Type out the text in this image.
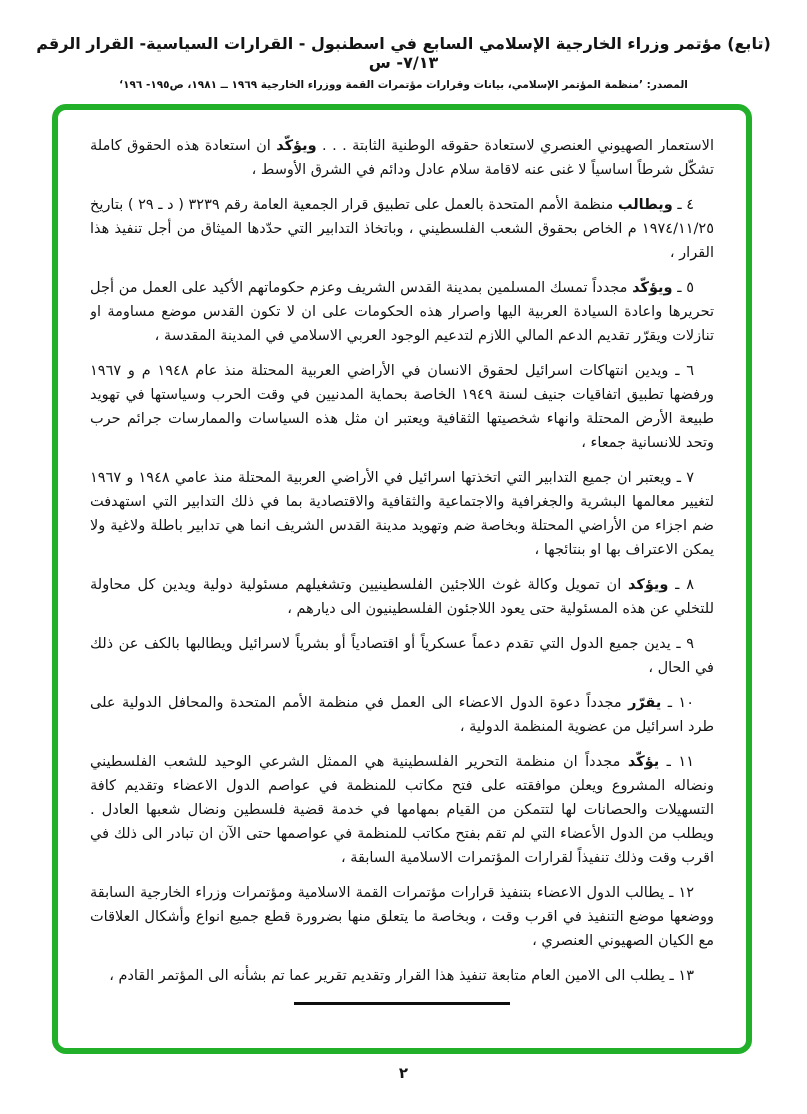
(تابع) مؤتمر وزراء الخارجية الإسلامي السابع في اسطنبول - القرارات السياسية- القرار الرقم ٧/١٣- س
المصدر: ’منظمة المؤتمر الإسلامي، بيانات وقرارات مؤتمرات القمة ووزراء الخارجية ١٩٦٩ ــ ١٩٨١، ص١٩٥- ١٩٦‘

الاستعمار الصهيوني العنصري لاستعادة حقوقه الوطنية الثابتة . . . ويؤكّد ان استعادة هذه الحقوق كاملة تشكّل شرطاً اساسياً لا غنى عنه لاقامة سلام عادل ودائم في الشرق الأوسط ،

٤ ـ ويطالب منظمة الأمم المتحدة بالعمل على تطبيق قرار الجمعية العامة رقم ٣٢٣٩ ( د ـ ٢٩ ) بتاريخ ١٩٧٤/١١/٢٥ م الخاص بحقوق الشعب الفلسطيني ، وباتخاذ التدابير التي حدّدها الميثاق من أجل تنفيذ هذا القرار ،

٥ ـ ويؤكّد مجدداً تمسك المسلمين بمدينة القدس الشريف وعزم حكوماتهم الأكيد على العمل من أجل تحريرها واعادة السيادة العربية اليها واصرار هذه الحكومات على ان لا تكون القدس موضع مساومة او تنازلات ويقرّر تقديم الدعم المالي اللازم لتدعيم الوجود العربي الاسلامي في المدينة المقدسة ،

٦ ـ ويدين انتهاكات اسرائيل لحقوق الانسان في الأراضي العربية المحتلة منذ عام ١٩٤٨ م و ١٩٦٧ ورفضها تطبيق اتفاقيات جنيف لسنة ١٩٤٩ الخاصة بحماية المدنيين في وقت الحرب وسياستها في تهويد طبيعة الأرض المحتلة وانهاء شخصيتها الثقافية ويعتبر ان مثل هذه السياسات والممارسات جرائم حرب وتحد للانسانية جمعاء ،

٧ ـ ويعتبر ان جميع التدابير التي اتخذتها اسرائيل في الأراضي العربية المحتلة منذ عامي ١٩٤٨ و ١٩٦٧ لتغيير معالمها البشرية والجغرافية والاجتماعية والثقافية والاقتصادية بما في ذلك التدابير التي استهدفت ضم اجزاء من الأراضي المحتلة وبخاصة ضم وتهويد مدينة القدس الشريف انما هي تدابير باطلة ولاغية ولا يمكن الاعتراف بها او بنتائجها ،

٨ ـ ويؤكد ان تمويل وكالة غوث اللاجئين الفلسطينيين وتشغيلهم مسئولية دولية ويدين كل محاولة للتخلي عن هذه المسئولية حتى يعود اللاجئون الفلسطينيون الى ديارهم ،

٩ ـ يدين جميع الدول التي تقدم دعماً عسكرياً أو اقتصادياً أو بشرياً لاسرائيل ويطالبها بالكف عن ذلك في الحال ،

١٠ ـ يقرّر مجدداً دعوة الدول الاعضاء الى العمل في منظمة الأمم المتحدة والمحافل الدولية على طرد اسرائيل من عضوية المنظمة الدولية ،

١١ ـ يؤكّد مجدداً ان منظمة التحرير الفلسطينية هي الممثل الشرعي الوحيد للشعب الفلسطيني ونضاله المشروع ويعلن موافقته على فتح مكاتب للمنظمة في عواصم الدول الاعضاء وتقديم كافة التسهيلات والحصانات لها لتتمكن من القيام بمهامها في خدمة قضية فلسطين ونضال شعبها العادل . ويطلب من الدول الأعضاء التي لم تقم بفتح مكاتب للمنظمة في عواصمها حتى الآن ان تبادر الى ذلك في اقرب وقت وذلك تنفيذاً لقرارات المؤتمرات الاسلامية السابقة ،

١٢ ـ يطالب الدول الاعضاء بتنفيذ قرارات مؤتمرات القمة الاسلامية ومؤتمرات وزراء الخارجية السابقة ووضعها موضع التنفيذ في اقرب وقت ، وبخاصة ما يتعلق منها بضرورة قطع جميع انواع وأشكال العلاقات مع الكيان الصهيوني العنصري ،

١٣ ـ يطلب الى الامين العام متابعة تنفيذ هذا القرار وتقديم تقرير عما تم بشأنه الى المؤتمر القادم ،

٢
